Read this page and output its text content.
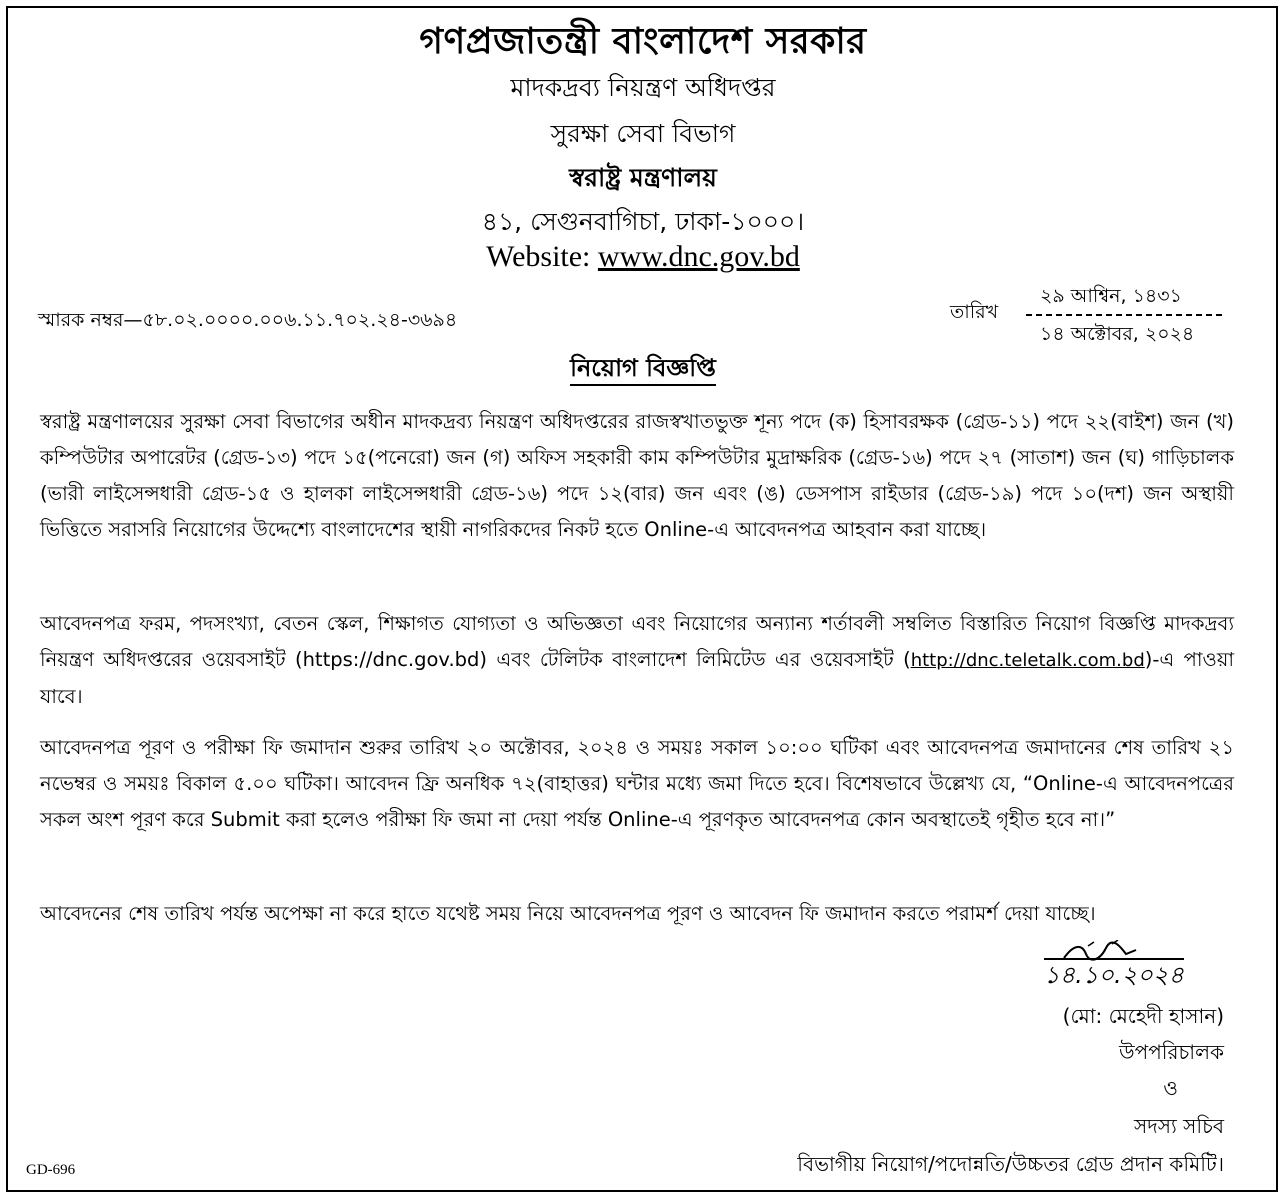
গণপ্রজাতন্ত্রী বাংলাদেশ সরকার
মাদকদ্রব্য নিয়ন্ত্রণ অধিদপ্তর
সুরক্ষা সেবা বিভাগ
স্বরাষ্ট্র মন্ত্রণালয়
৪১, সেগুনবাগিচা, ঢাকা-১০০০।
Website: www.dnc.gov.bd
স্মারক নম্বর—৫৮.০২.০০০০.০০৬.১১.৭০২.২৪-৩৬৯৪	তারিখ
২৯ আশ্বিন, ১৪৩১
১৪ অক্টোবর, ২০২৪
নিয়োগ বিজ্ঞপ্তি
স্বরাষ্ট্র মন্ত্রণালয়ের সুরক্ষা সেবা বিভাগের অধীন মাদকদ্রব্য নিয়ন্ত্রণ অধিদপ্তরের রাজস্বখাতভুক্ত শূন্য পদে (ক) হিসাবরক্ষক (গ্রেড-১১) পদে ২২(বাইশ) জন (খ) কম্পিউটার অপারেটর (গ্রেড-১৩) পদে ১৫(পনেরো) জন (গ) অফিস সহকারী কাম কম্পিউটার মুদ্রাক্ষরিক (গ্রেড-১৬) পদে ২৭ (সাতাশ) জন (ঘ) গাড়িচালক (ভারী লাইসেন্সধারী গ্রেড-১৫ ও হালকা লাইসেন্সধারী গ্রেড-১৬) পদে ১২(বার) জন এবং (ঙ) ডেসপাস রাইডার (গ্রেড-১৯) পদে ১০(দশ) জন অস্থায়ী ভিত্তিতে সরাসরি নিয়োগের উদ্দেশ্যে বাংলাদেশের স্থায়ী নাগরিকদের নিকট হতে Online-এ আবেদনপত্র আহবান করা যাচ্ছে।
আবেদনপত্র ফরম, পদসংখ্যা, বেতন স্কেল, শিক্ষাগত যোগ্যতা ও অভিজ্ঞতা এবং নিয়োগের অন্যান্য শর্তাবলী সম্বলিত বিস্তারিত নিয়োগ বিজ্ঞপ্তি মাদকদ্রব্য নিয়ন্ত্রণ অধিদপ্তরের ওয়েবসাইট (https://dnc.gov.bd) এবং টেলিটক বাংলাদেশ লিমিটেড এর ওয়েবসাইট (http://dnc.teletalk.com.bd)-এ পাওয়া যাবে।
আবেদনপত্র পূরণ ও পরীক্ষা ফি জমাদান শুরুর তারিখ ২০ অক্টোবর, ২০২৪ ও সময়ঃ সকাল ১০:০০ ঘটিকা এবং আবেদনপত্র জমাদানের শেষ তারিখ ২১ নভেম্বর ও সময়ঃ বিকাল ৫.০০ ঘটিকা। আবেদন ফ্রি অনধিক ৭২(বাহাত্তর) ঘন্টার মধ্যে জমা দিতে হবে। বিশেষভাবে উল্লেখ্য যে, “Online-এ আবেদনপত্রের সকল অংশ পূরণ করে Submit করা হলেও পরীক্ষা ফি জমা না দেয়া পর্যন্ত Online-এ পূরণকৃত আবেদনপত্র কোন অবস্থাতেই গৃহীত হবে না।”
আবেদনের শেষ তারিখ পর্যন্ত অপেক্ষা না করে হাতে যথেষ্ট সময় নিয়ে আবেদনপত্র পূরণ ও আবেদন ফি জমাদান করতে পরামর্শ দেয়া যাচ্ছে।
১৪.১০.২০২৪
(মো: মেহেদী হাসান)
উপপরিচালক
ও
সদস্য সচিব
বিভাগীয় নিয়োগ/পদোন্নতি/উচ্চতর গ্রেড প্রদান কমিটি।
GD-696
